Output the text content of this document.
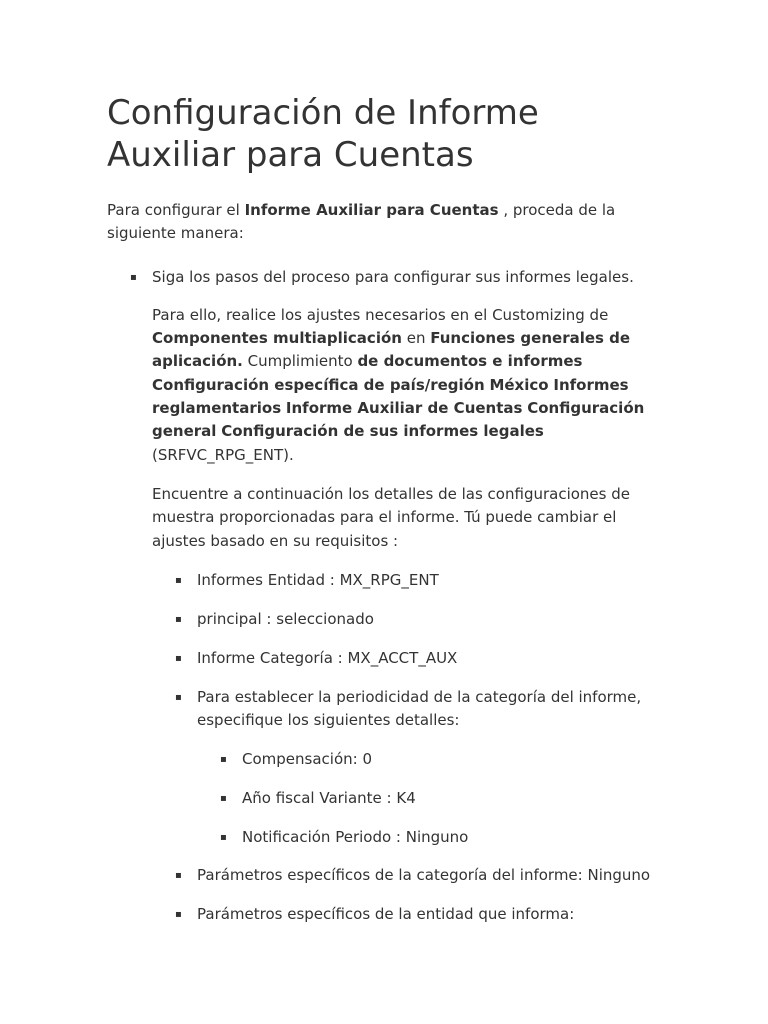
Configuración de Informe Auxiliar para Cuentas

Para configurar el Informe Auxiliar para Cuentas , proceda de la siguiente manera:

▪ Siga los pasos del proceso para configurar sus informes legales.

Para ello, realice los ajustes necesarios en el Customizing de Componentes multiaplicación en Funciones generales de aplicación. Cumplimiento de documentos e informes Configuración específica de país/región México Informes reglamentarios Informe Auxiliar de Cuentas Configuración general Configuración de sus informes legales (SRFVC_RPG_ENT).

Encuentre a continuación los detalles de las configuraciones de muestra proporcionadas para el informe. Tú puede cambiar el ajustes basado en su requisitos :

▪ Informes Entidad : MX_RPG_ENT
▪ principal : seleccionado
▪ Informe Categoría : MX_ACCT_AUX
▪ Para establecer la periodicidad de la categoría del informe, especifique los siguientes detalles:
▪ Compensación: 0
▪ Año fiscal Variante : K4
▪ Notificación Periodo : Ninguno
▪ Parámetros específicos de la categoría del informe: Ninguno
▪ Parámetros específicos de la entidad que informa:
